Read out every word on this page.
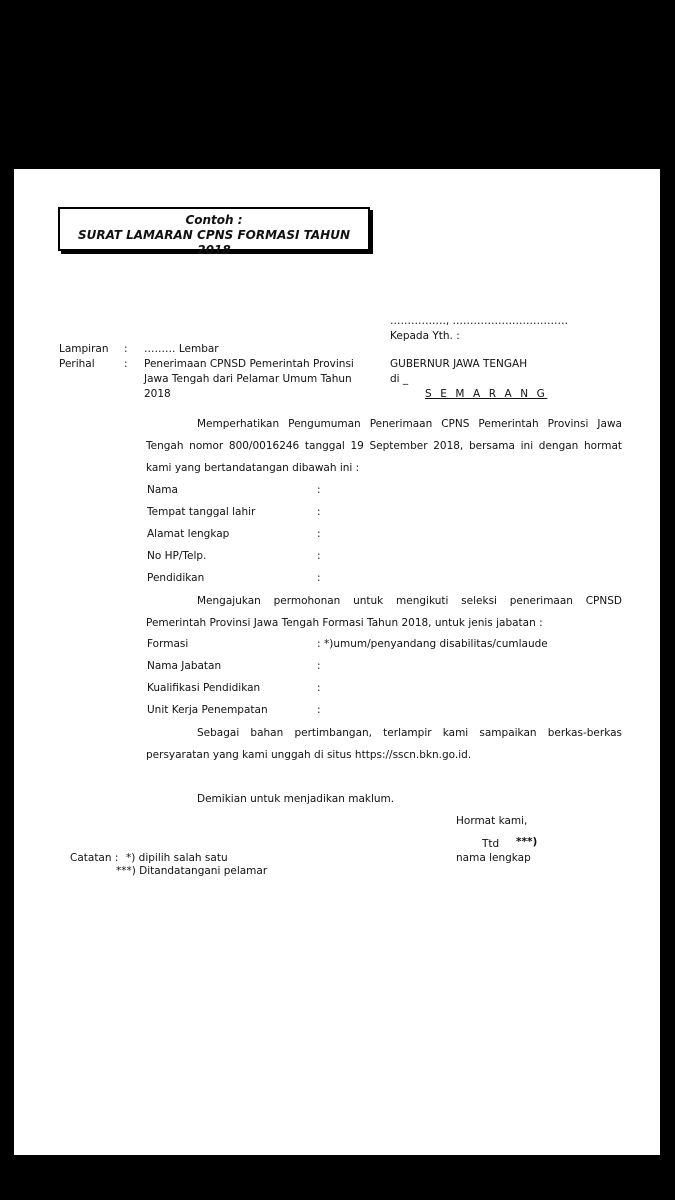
Contoh :
SURAT LAMARAN CPNS FORMASI TAHUN 2018
……………., ……………………………
Kepada Yth. :
Lampiran : ……… Lembar
Perihal	: Penerimaan CPNSD Pemerintah Provinsi
Jawa Tengah dari Pelamar Umum Tahun
2018
GUBERNUR JAWA TENGAH
di _
S E M A R A N G
Memperhatikan Pengumuman Penerimaan CPNS Pemerintah Provinsi Jawa Tengah nomor 800/0016246 tanggal 19 September 2018, bersama ini dengan hormat kami yang bertandatangan dibawah ini :
Nama	:
Tempat tanggal lahir	:
Alamat lengkap	:
No HP/Telp.	:
Pendidikan	:
Mengajukan permohonan untuk mengikuti seleksi penerimaan CPNSD Pemerintah Provinsi Jawa Tengah Formasi Tahun 2018, untuk jenis jabatan :
Formasi	: *)umum/penyandang disabilitas/cumlaude
Nama Jabatan	:
Kualifikasi Pendidikan	:
Unit Kerja Penempatan	:
Sebagai bahan pertimbangan, terlampir kami sampaikan berkas-berkas persyaratan yang kami unggah di situs https://sscn.bkn.go.id.
Demikian untuk menjadikan maklum.
Hormat kami,
Ttd ***)
nama lengkap
Catatan : *) dipilih salah satu
***) Ditandatangani pelamar
